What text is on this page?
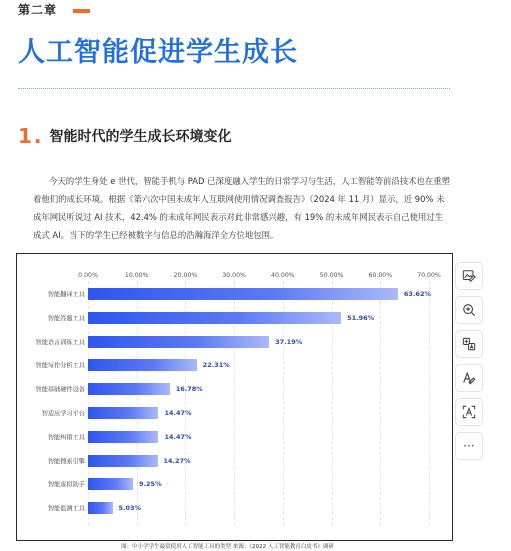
第二章
人工智能促进学生成长
1 . 智能时代的学生成长环境变化

今天的学生身处 e 世代，智能手机与 PAD 已深度融入学生的日常学习与生活，人工智能等前沿技术也在重塑着他们的成长环境。根据《第六次中国未成年人互联网使用情况调查报告》（2024 年 11 月）显示，近 90% 未成年网民听说过 AI 技术，42.4% 的未成年网民表示对此非常感兴趣，有 19% 的未成年网民表示自己使用过生成式 AI。当下的学生已经被数字与信息的浩瀚海洋全方位地包围。

0.00%	10.00%	20.00%	30.00%	40.00%	50.00%	60.00%	70.00%
智能翻译工具	63.62%
智能答题工具	51.96%
智能语言训练工具	37.19%
智能写作分析工具	22.31%
智能基础硬件设备	16.78%
智适应学习平台	14.47%
智能纠错工具	14.47%
智能搜索引擎	14.27%
智能虚拟助手	9.25%
智能监测工具	5.03%
图：中小学学生最常使用人工智能工具的类型 来源：《2022 人工智能教育白皮书》调研
···
